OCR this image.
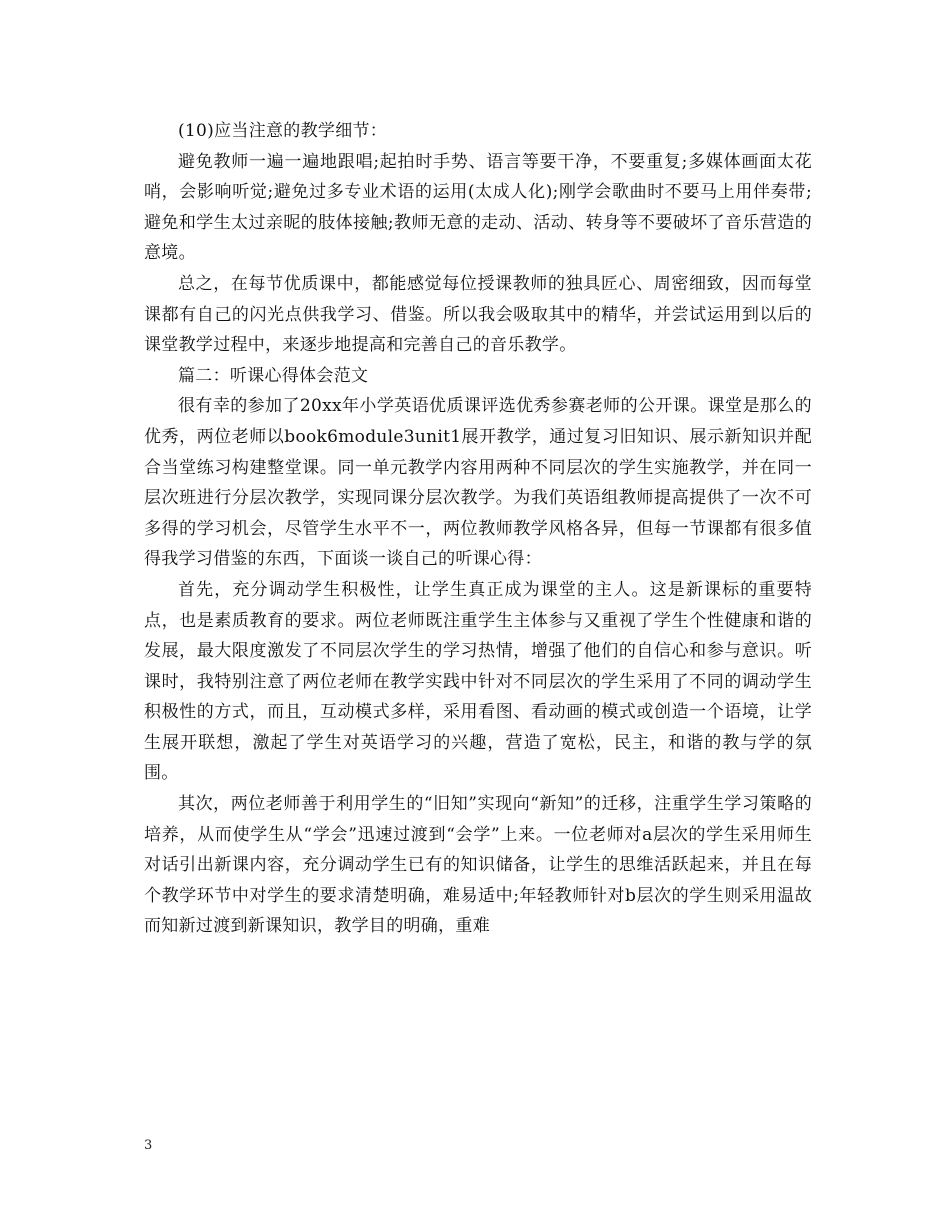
(10)应当注意的教学细节：

避免教师一遍一遍地跟唱;起拍时手势、语言等要干净，不要重复;多媒体画面太花哨，会影响听觉;避免过多专业术语的运用(太成人化);刚学会歌曲时不要马上用伴奏带;避免和学生太过亲昵的肢体接触;教师无意的走动、活动、转身等不要破坏了音乐营造的意境。

总之，在每节优质课中，都能感觉每位授课教师的独具匠心、周密细致，因而每堂课都有自己的闪光点供我学习、借鉴。所以我会吸取其中的精华，并尝试运用到以后的课堂教学过程中，来逐步地提高和完善自己的音乐教学。

篇二：听课心得体会范文

很有幸的参加了20xx年小学英语优质课评选优秀参赛老师的公开课。课堂是那么的优秀，两位老师以book6module3unit1展开教学，通过复习旧知识、展示新知识并配合当堂练习构建整堂课。同一单元教学内容用两种不同层次的学生实施教学，并在同一层次班进行分层次教学，实现同课分层次教学。为我们英语组教师提高提供了一次不可多得的学习机会，尽管学生水平不一，两位教师教学风格各异，但每一节课都有很多值得我学习借鉴的东西，下面谈一谈自己的听课心得：

首先，充分调动学生积极性，让学生真正成为课堂的主人。这是新课标的重要特点，也是素质教育的要求。两位老师既注重学生主体参与又重视了学生个性健康和谐的发展，最大限度激发了不同层次学生的学习热情，增强了他们的自信心和参与意识。听课时，我特别注意了两位老师在教学实践中针对不同层次的学生采用了不同的调动学生积极性的方式，而且，互动模式多样，采用看图、看动画的模式或创造一个语境，让学生展开联想，激起了学生对英语学习的兴趣，营造了宽松，民主，和谐的教与学的氛围。

其次，两位老师善于利用学生的“旧知”实现向“新知”的迁移，注重学生学习策略的培养，从而使学生从“学会”迅速过渡到“会学”上来。一位老师对a层次的学生采用师生对话引出新课内容，充分调动学生已有的知识储备，让学生的思维活跃起来，并且在每个教学环节中对学生的要求清楚明确，难易适中;年轻教师针对b层次的学生则采用温故而知新过渡到新课知识，教学目的明确，重难

3
